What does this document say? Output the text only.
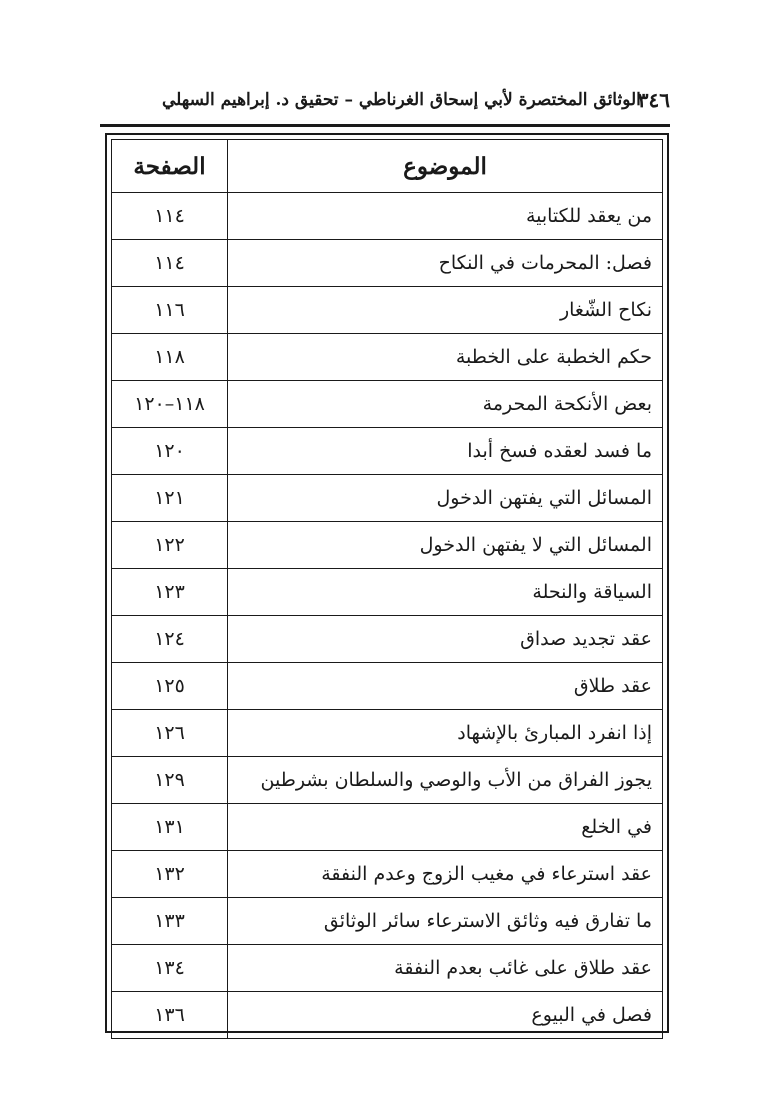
٣٤٦
الوثائق المختصرة لأبي إسحاق الغرناطي – تحقيق د. إبراهيم السهلي
الموضوع	الصفحة
من يعقد للكتابية	١١٤
فصل: المحرمات في النكاح	١١٤
نكاح الشّغار	١١٦
حكم الخطبة على الخطبة	١١٨
بعض الأنكحة المحرمة	١١٨–١٢٠
ما فسد لعقده فسخ أبدا	١٢٠
المسائل التي يفتهن الدخول	١٢١
المسائل التي لا يفتهن الدخول	١٢٢
السياقة والنحلة	١٢٣
عقد تجديد صداق	١٢٤
عقد طلاق	١٢٥
إذا انفرد المبارئ بالإشهاد	١٢٦
يجوز الفراق من الأب والوصي والسلطان بشرطين	١٢٩
في الخلع	١٣١
عقد استرعاء في مغيب الزوج وعدم النفقة	١٣٢
ما تفارق فيه وثائق الاسترعاء سائر الوثائق	١٣٣
عقد طلاق على غائب بعدم النفقة	١٣٤
فصل في البيوع	١٣٦
